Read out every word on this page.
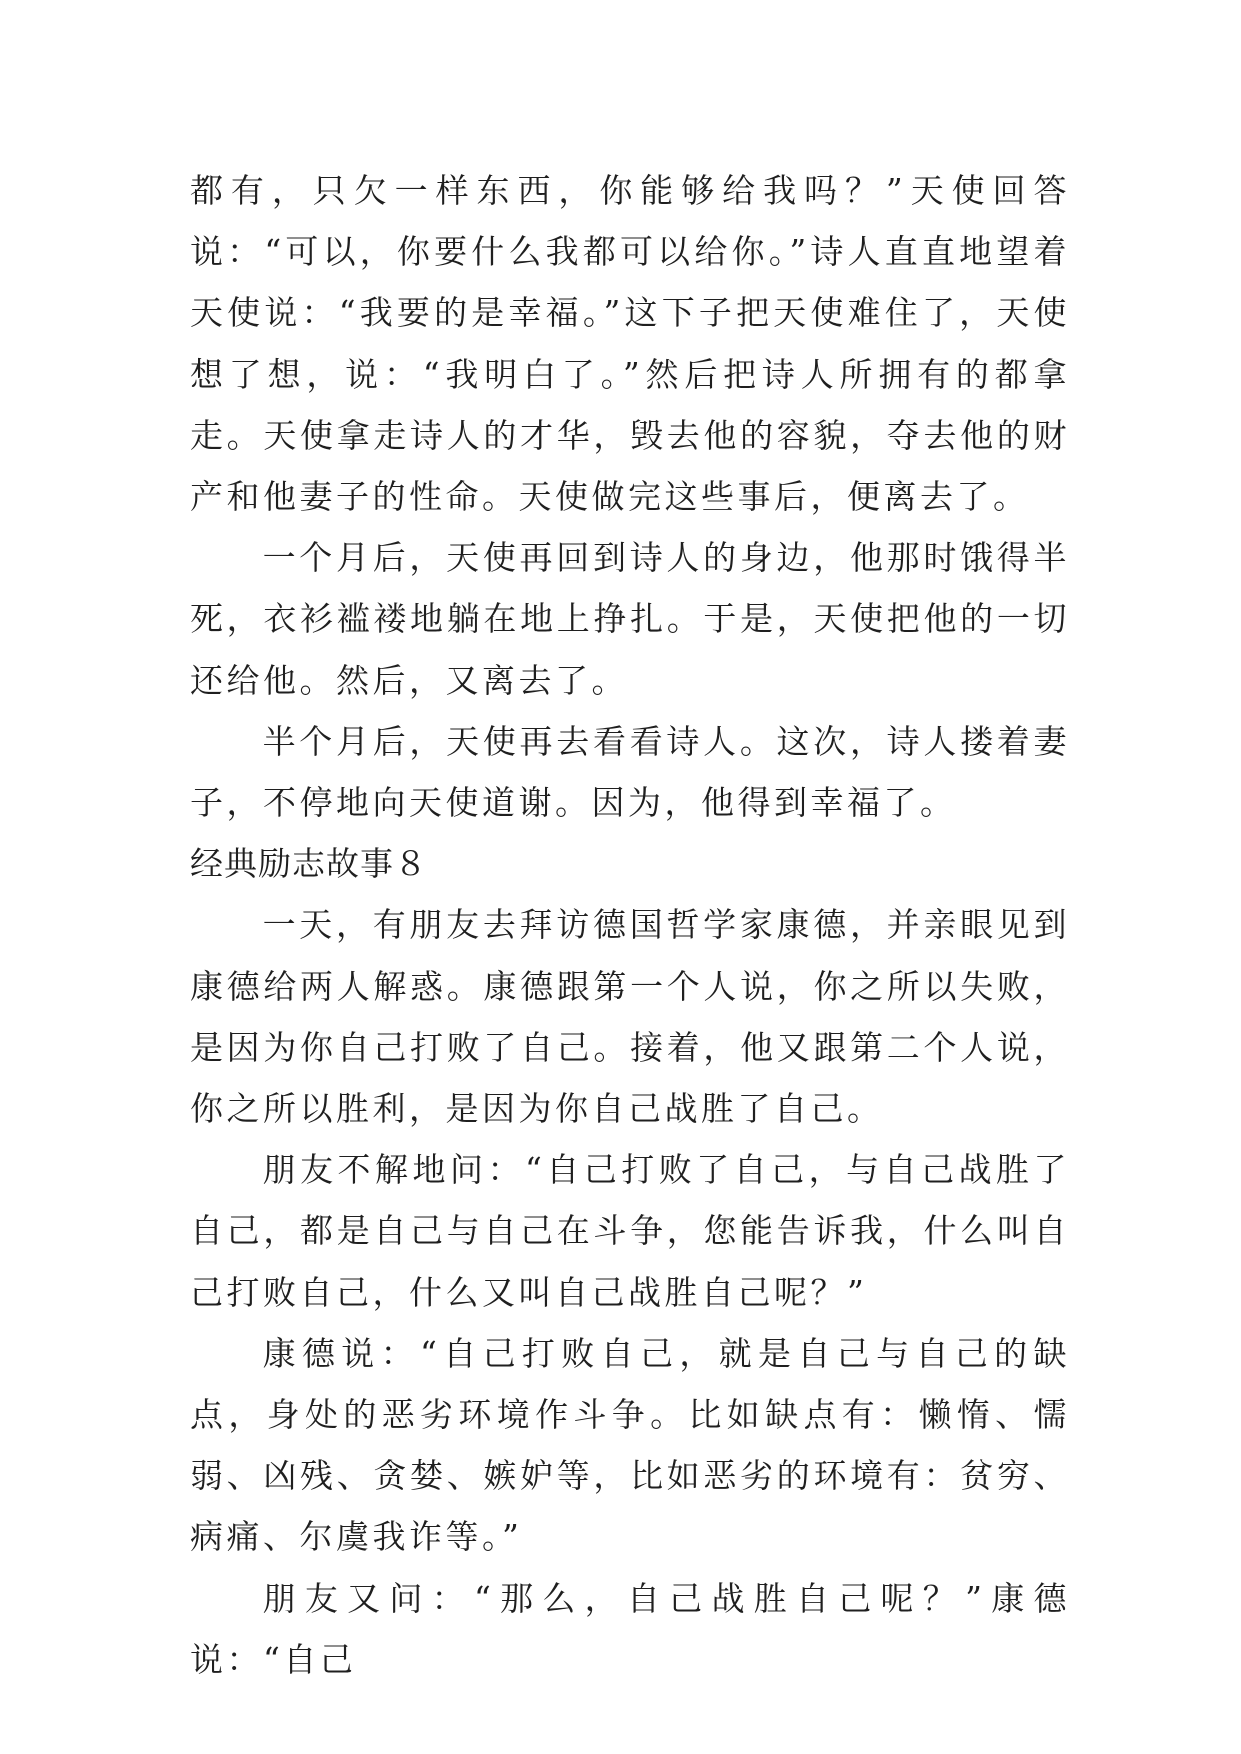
都有，只欠一样东西，你能够给我吗？”天使回答说：“可以，你要什么我都可以给你。”诗人直直地望着天使说：“我要的是幸福。”这下子把天使难住了，天使想了想，说：“我明白了。”然后把诗人所拥有的都拿走。天使拿走诗人的才华，毁去他的容貌，夺去他的财产和他妻子的性命。天使做完这些事后，便离去了。

一个月后，天使再回到诗人的身边，他那时饿得半死，衣衫褴褛地躺在地上挣扎。于是，天使把他的一切还给他。然后，又离去了。

半个月后，天使再去看看诗人。这次，诗人搂着妻子，不停地向天使道谢。因为，他得到幸福了。

经典励志故事８

一天，有朋友去拜访德国哲学家康德，并亲眼见到康德给两人解惑。康德跟第一个人说，你之所以失败，是因为你自己打败了自己。接着，他又跟第二个人说，你之所以胜利，是因为你自己战胜了自己。

朋友不解地问：“自己打败了自己，与自己战胜了自己，都是自己与自己在斗争，您能告诉我，什么叫自己打败自己，什么又叫自己战胜自己呢？”

康德说：“自己打败自己，就是自己与自己的缺点，身处的恶劣环境作斗争。比如缺点有：懒惰、懦弱、凶残、贪婪、嫉妒等，比如恶劣的环境有：贫穷、病痛、尔虞我诈等。”

朋友又问：“那么，自己战胜自己呢？”康德说：“自己
